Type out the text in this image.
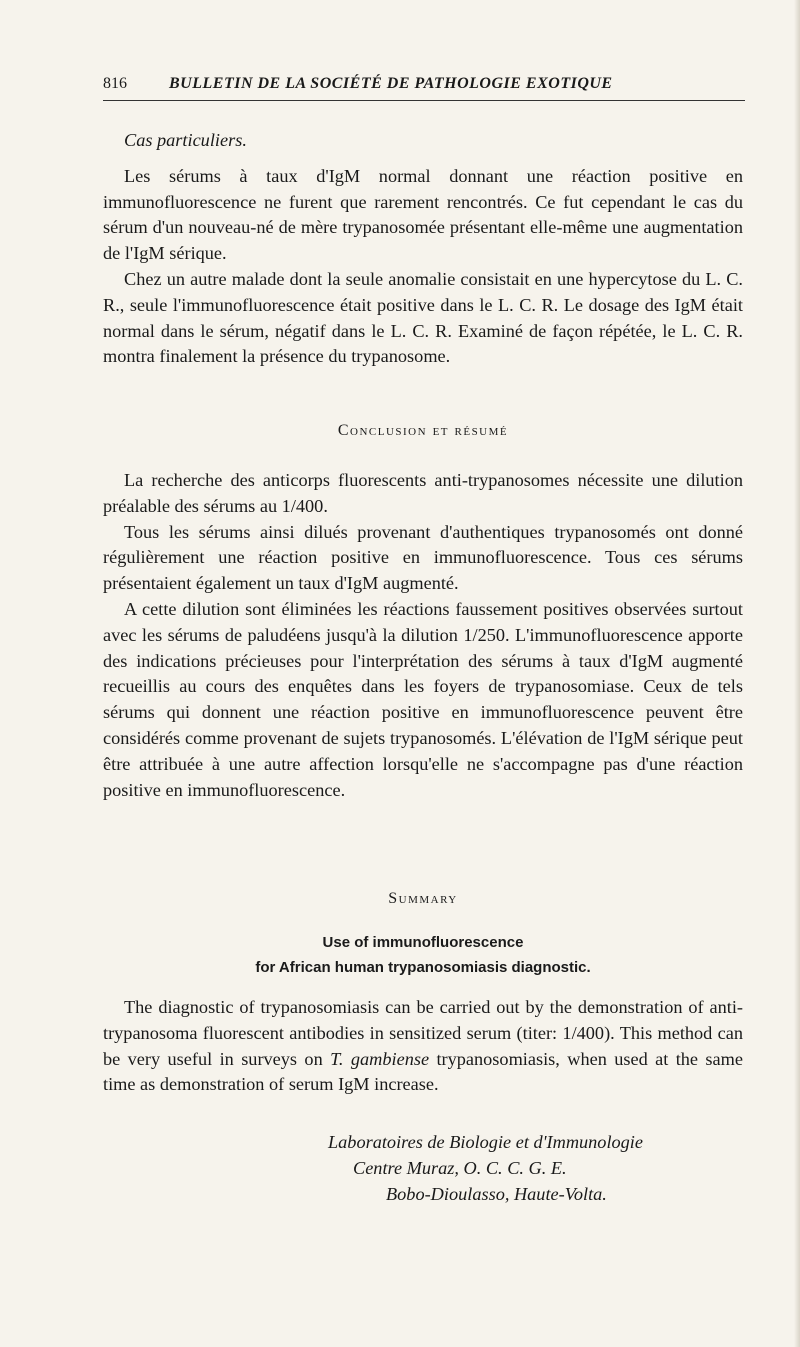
816	BULLETIN DE LA SOCIÉTÉ DE PATHOLOGIE EXOTIQUE

Cas particuliers.

Les sérums à taux d'IgM normal donnant une réaction positive en immunofluorescence ne furent que rarement rencontrés. Ce fut cependant le cas du sérum d'un nouveau-né de mère trypanosomée présentant elle-même une augmentation de l'IgM sérique.

Chez un autre malade dont la seule anomalie consistait en une hypercytose du L. C. R., seule l'immunofluorescence était positive dans le L. C. R. Le dosage des IgM était normal dans le sérum, négatif dans le L. C. R. Examiné de façon répétée, le L. C. R. montra finalement la présence du trypanosome.

Conclusion et résumé

La recherche des anticorps fluorescents anti-trypanosomes nécessite une dilution préalable des sérums au 1/400.

Tous les sérums ainsi dilués provenant d'authentiques trypanosomés ont donné régulièrement une réaction positive en immunofluorescence. Tous ces sérums présentaient également un taux d'IgM augmenté.

A cette dilution sont éliminées les réactions faussement positives observées surtout avec les sérums de paludéens jusqu'à la dilution 1/250. L'immunofluorescence apporte des indications précieuses pour l'interprétation des sérums à taux d'IgM augmenté recueillis au cours des enquêtes dans les foyers de trypanosomiase. Ceux de tels sérums qui donnent une réaction positive en immunofluorescence peuvent être considérés comme provenant de sujets trypanosomés. L'élévation de l'IgM sérique peut être attribuée à une autre affection lorsqu'elle ne s'accompagne pas d'une réaction positive en immunofluorescence.

Summary
Use of immunofluorescence
for African human trypanosomiasis diagnostic.

The diagnostic of trypanosomiasis can be carried out by the demonstration of anti-trypanosoma fluorescent antibodies in sensitized serum (titer: 1/400). This method can be very useful in surveys on T. gambiense trypanosomiasis, when used at the same time as demonstration of serum IgM increase.

Laboratoires de Biologie et d'Immunologie
Centre Muraz, O. C. C. G. E.
Bobo-Dioulasso, Haute-Volta.
